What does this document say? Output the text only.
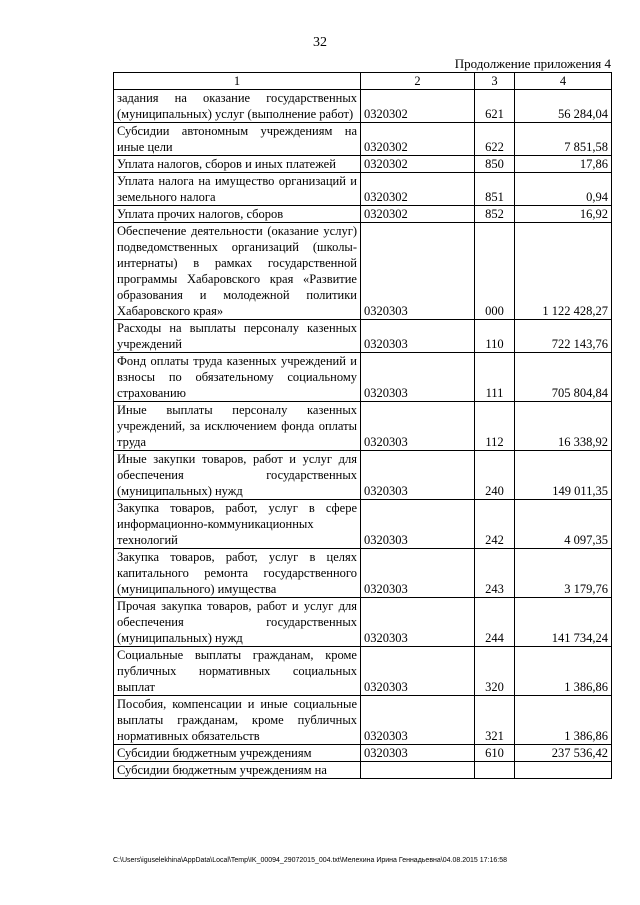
32
Продолжение приложения 4
1	2	3	4
задания на оказание государственных (муниципальных) услуг (выполнение работ)	0320302	621	56 284,04
Субсидии автономным учреждениям на иные цели	0320302	622	7 851,58
Уплата налогов, сборов и иных платежей	0320302	850	17,86
Уплата налога на имущество организаций и земельного налога	0320302	851	0,94
Уплата прочих налогов, сборов	0320302	852	16,92
Обеспечение деятельности (оказание услуг) подведомственных организаций (школы-интернаты) в рамках государственной программы Хабаровского края «Развитие образования и молодежной политики Хабаровского края»	0320303	000	1 122 428,27
Расходы на выплаты персоналу казенных учреждений	0320303	110	722 143,76
Фонд оплаты труда казенных учреждений и взносы по обязательному социальному страхованию	0320303	111	705 804,84
Иные выплаты персоналу казенных учреждений, за исключением фонда оплаты труда	0320303	112	16 338,92
Иные закупки товаров, работ и услуг для обеспечения государственных (муниципальных) нужд	0320303	240	149 011,35
Закупка товаров, работ, услуг в сфере информационно-коммуникационных технологий	0320303	242	4 097,35
Закупка товаров, работ, услуг в целях капитального ремонта государственного (муниципального) имущества	0320303	243	3 179,76
Прочая закупка товаров, работ и услуг для обеспечения государственных (муниципальных) нужд	0320303	244	141 734,24
Социальные выплаты гражданам, кроме публичных нормативных социальных выплат	0320303	320	1 386,86
Пособия, компенсации и иные социальные выплаты гражданам, кроме публичных нормативных обязательств	0320303	321	1 386,86
Субсидии бюджетным учреждениям	0320303	610	237 536,42
Субсидии бюджетным учреждениям на			
C:\Users\iguselekhina\AppData\Local\Temp\IK_00094_29072015_004.txt\Мелехина Ирина Геннадьевна\04.08.2015 17:16:58
